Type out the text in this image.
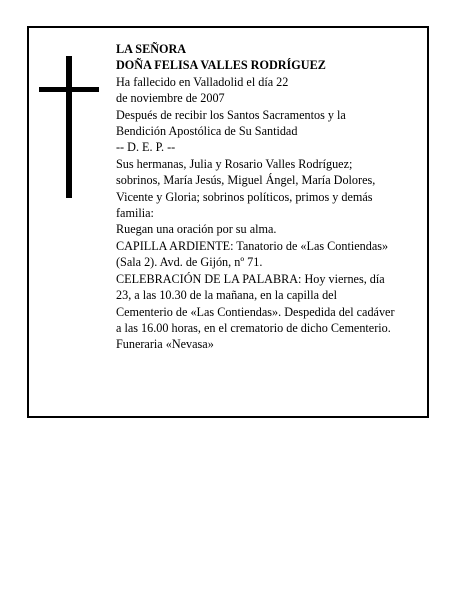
LA SEÑORA
DOÑA FELISA VALLES RODRÍGUEZ
Ha fallecido en Valladolid el día 22
de noviembre de 2007
Después de recibir los Santos Sacramentos y la
Bendición Apostólica de Su Santidad
-- D. E. P. --
Sus hermanas, Julia y Rosario Valles Rodríguez;
sobrinos, María Jesús, Miguel Ángel, María Dolores,
Vicente y Gloria; sobrinos políticos, primos y demás
familia:
Ruegan una oración por su alma.
CAPILLA ARDIENTE: Tanatorio de «Las Contiendas»
(Sala 2). Avd. de Gijón, nº 71.
CELEBRACIÓN DE LA PALABRA: Hoy viernes, día
23, a las 10.30 de la mañana, en la capilla del
Cementerio de «Las Contiendas». Despedida del cadáver
a las 16.00 horas, en el crematorio de dicho Cementerio.
Funeraria «Nevasa»
